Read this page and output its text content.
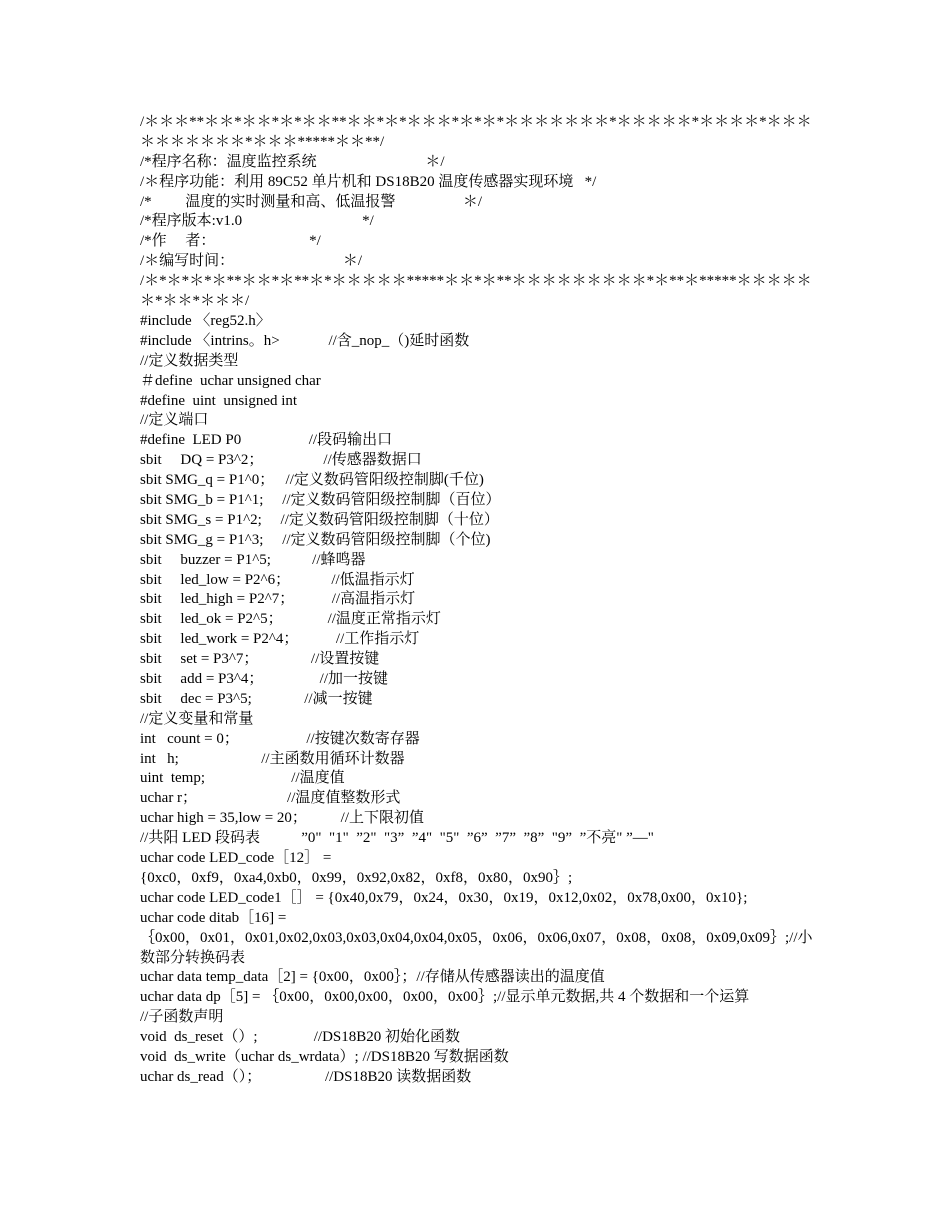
/＊＊＊**＊＊*＊＊*＊*＊＊**＊＊*＊*＊＊＊*＊*＊*＊＊＊＊＊＊＊*＊＊＊＊＊*＊＊＊＊*＊＊＊＊＊＊＊＊＊＊*＊＊＊*****＊＊**/
/*程序名称：温度监控系统                             ＊/
/＊程序功能：利用 89C52 单片机和 DS18B20 温度传感器实现环境   */
/*         温度的实时测量和高、低温报警                  ＊/
/*程序版本:v1.0                                */
/*作     者：                         */
/＊编写时间：                             ＊/
/＊*＊*＊*＊**＊＊*＊**＊*＊＊＊＊＊*****＊＊*＊**＊＊＊＊＊＊＊＊＊*＊**＊*****＊＊＊＊＊＊*＊＊*＊＊＊/
#include 〈reg52.h〉
#include 〈intrins。h>             //含_nop_（)延时函数
//定义数据类型
＃define  uchar unsigned char
#define  uint  unsigned int
//定义端口
#define  LED P0                  //段码输出口
sbit     DQ = P3^2；                //传感器数据口
sbit SMG_q = P1^0；   //定义数码管阳级控制脚(千位)
sbit SMG_b = P1^1;     //定义数码管阳级控制脚（百位）
sbit SMG_s = P1^2;     //定义数码管阳级控制脚（十位）
sbit SMG_g = P1^3;     //定义数码管阳级控制脚（个位)
sbit     buzzer = P1^5;           //蜂鸣器
sbit     led_low = P2^6；           //低温指示灯
sbit     led_high = P2^7；          //高温指示灯
sbit     led_ok = P2^5；            //温度正常指示灯
sbit     led_work = P2^4；          //工作指示灯
sbit     set = P3^7；              //设置按键
sbit     add = P3^4；               //加一按键
sbit     dec = P3^5;              //减一按键
//定义变量和常量
int   count = 0；                  //按键次数寄存器
int   h;                      //主函数用循环计数器
uint  temp;                       //温度值
uchar r；                        //温度值整数形式
uchar high = 35,low = 20；         //上下限初值
//共阳 LED 段码表           ”0"  "1"  ”2"  "3”  ”4"  "5"  ”6”  ”7”  ”8”  "9”  ”不亮" ”—"
uchar code LED_code［12］ =
{0xc0，0xf9，0xa4,0xb0，0x99，0x92,0x82，0xf8，0x80，0x90｝;
uchar code LED_code1［］ = {0x40,0x79，0x24，0x30，0x19，0x12,0x02，0x78,0x00，0x10};
uchar code ditab［16] =
｛0x00，0x01，0x01,0x02,0x03,0x03,0x04,0x04,0x05，0x06，0x06,0x07，0x08，0x08，0x09,0x09｝;//小数部分转换码表
uchar data temp_data［2] = {0x00，0x00｝；//存储从传感器读出的温度值
uchar data dp［5] = ｛0x00，0x00,0x00，0x00，0x00｝;//显示单元数据,共 4 个数据和一个运算
//子函数声明
void  ds_reset（）;               //DS18B20 初始化函数
void  ds_write（uchar ds_wrdata）; //DS18B20 写数据函数
uchar ds_read（）；                 //DS18B20 读数据函数
